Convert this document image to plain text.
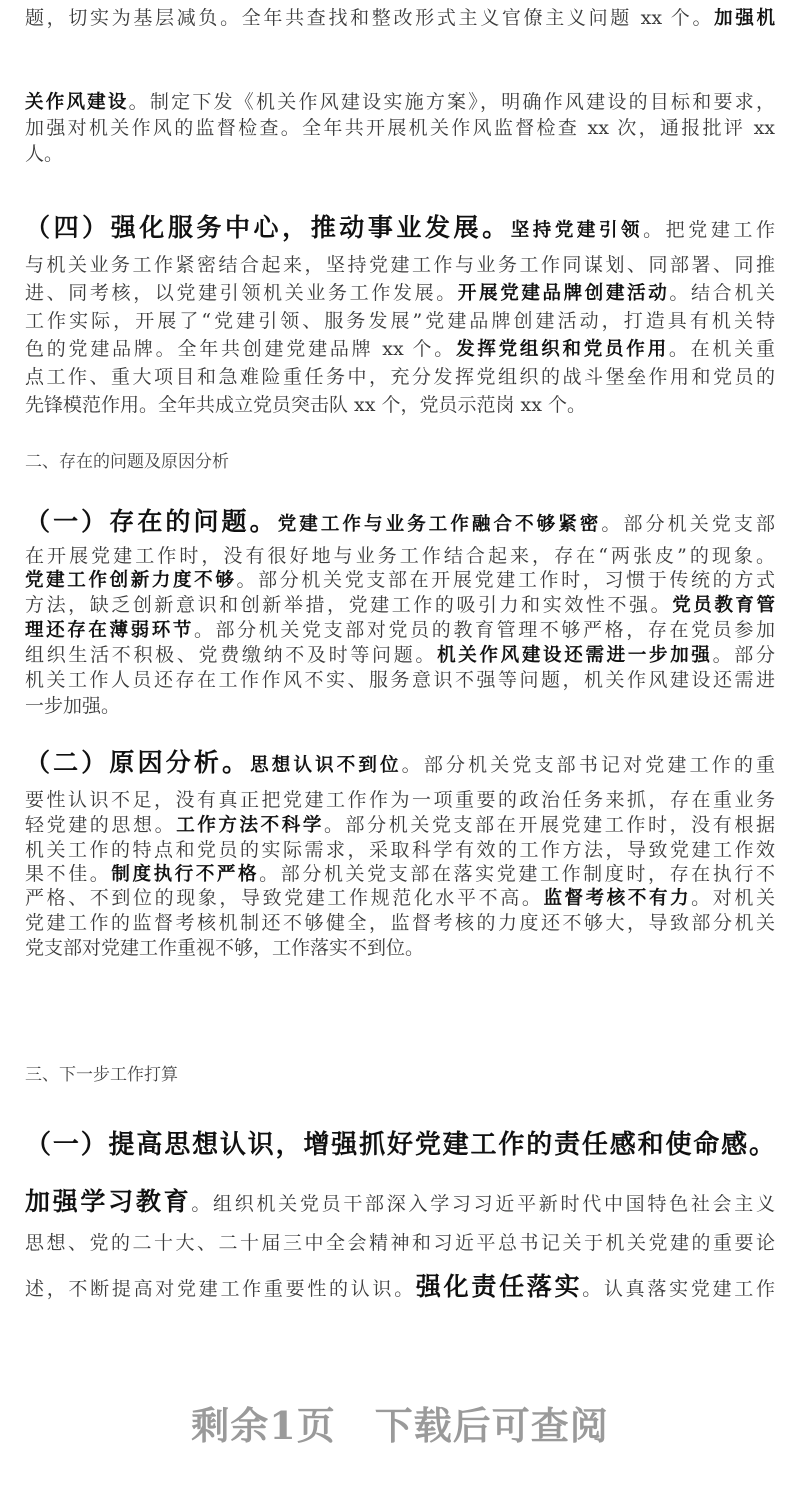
二、存在的问题及原因分析
三、下一步工作打算
剩余1页　下载后可查阅
题，切实为基层减负。全年共查找和整改形式主义官僚主义问题 xx 个。加强机
关作风建设。制定下发《机关作风建设实施方案》，明确作风建设的目标和要求，
加强对机关作风的监督检查。全年共开展机关作风监督检查 xx 次，通报批评 xx
人。
（四）强化服务中心，推动事业发展。坚持党建引领。把党建工作
与机关业务工作紧密结合起来，坚持党建工作与业务工作同谋划、同部署、同推
进、同考核，以党建引领机关业务工作发展。开展党建品牌创建活动。结合机关
工作实际，开展了“党建引领、服务发展”党建品牌创建活动，打造具有机关特
色的党建品牌。全年共创建党建品牌 xx 个。发挥党组织和党员作用。在机关重
点工作、重大项目和急难险重任务中，充分发挥党组织的战斗堡垒作用和党员的
先锋模范作用。全年共成立党员突击队 xx 个，党员示范岗 xx 个。
（一）存在的问题。党建工作与业务工作融合不够紧密。部分机关党支部
在开展党建工作时，没有很好地与业务工作结合起来，存在“两张皮”的现象。
党建工作创新力度不够。部分机关党支部在开展党建工作时，习惯于传统的方式
方法，缺乏创新意识和创新举措，党建工作的吸引力和实效性不强。党员教育管
理还存在薄弱环节。部分机关党支部对党员的教育管理不够严格，存在党员参加
组织生活不积极、党费缴纳不及时等问题。机关作风建设还需进一步加强。部分
机关工作人员还存在工作作风不实、服务意识不强等问题，机关作风建设还需进
一步加强。
（二）原因分析。思想认识不到位。部分机关党支部书记对党建工作的重
要性认识不足，没有真正把党建工作作为一项重要的政治任务来抓，存在重业务
轻党建的思想。工作方法不科学。部分机关党支部在开展党建工作时，没有根据
机关工作的特点和党员的实际需求，采取科学有效的工作方法，导致党建工作效
果不佳。制度执行不严格。部分机关党支部在落实党建工作制度时，存在执行不
严格、不到位的现象，导致党建工作规范化水平不高。监督考核不有力。对机关
党建工作的监督考核机制还不够健全，监督考核的力度还不够大，导致部分机关
党支部对党建工作重视不够，工作落实不到位。
（一）提高思想认识，增强抓好党建工作的责任感和使命感。
加强学习教育。组织机关党员干部深入学习习近平新时代中国特色社会主义
思想、党的二十大、二十届三中全会精神和习近平总书记关于机关党建的重要论
述，不断提高对党建工作重要性的认识。强化责任落实。认真落实党建工作
